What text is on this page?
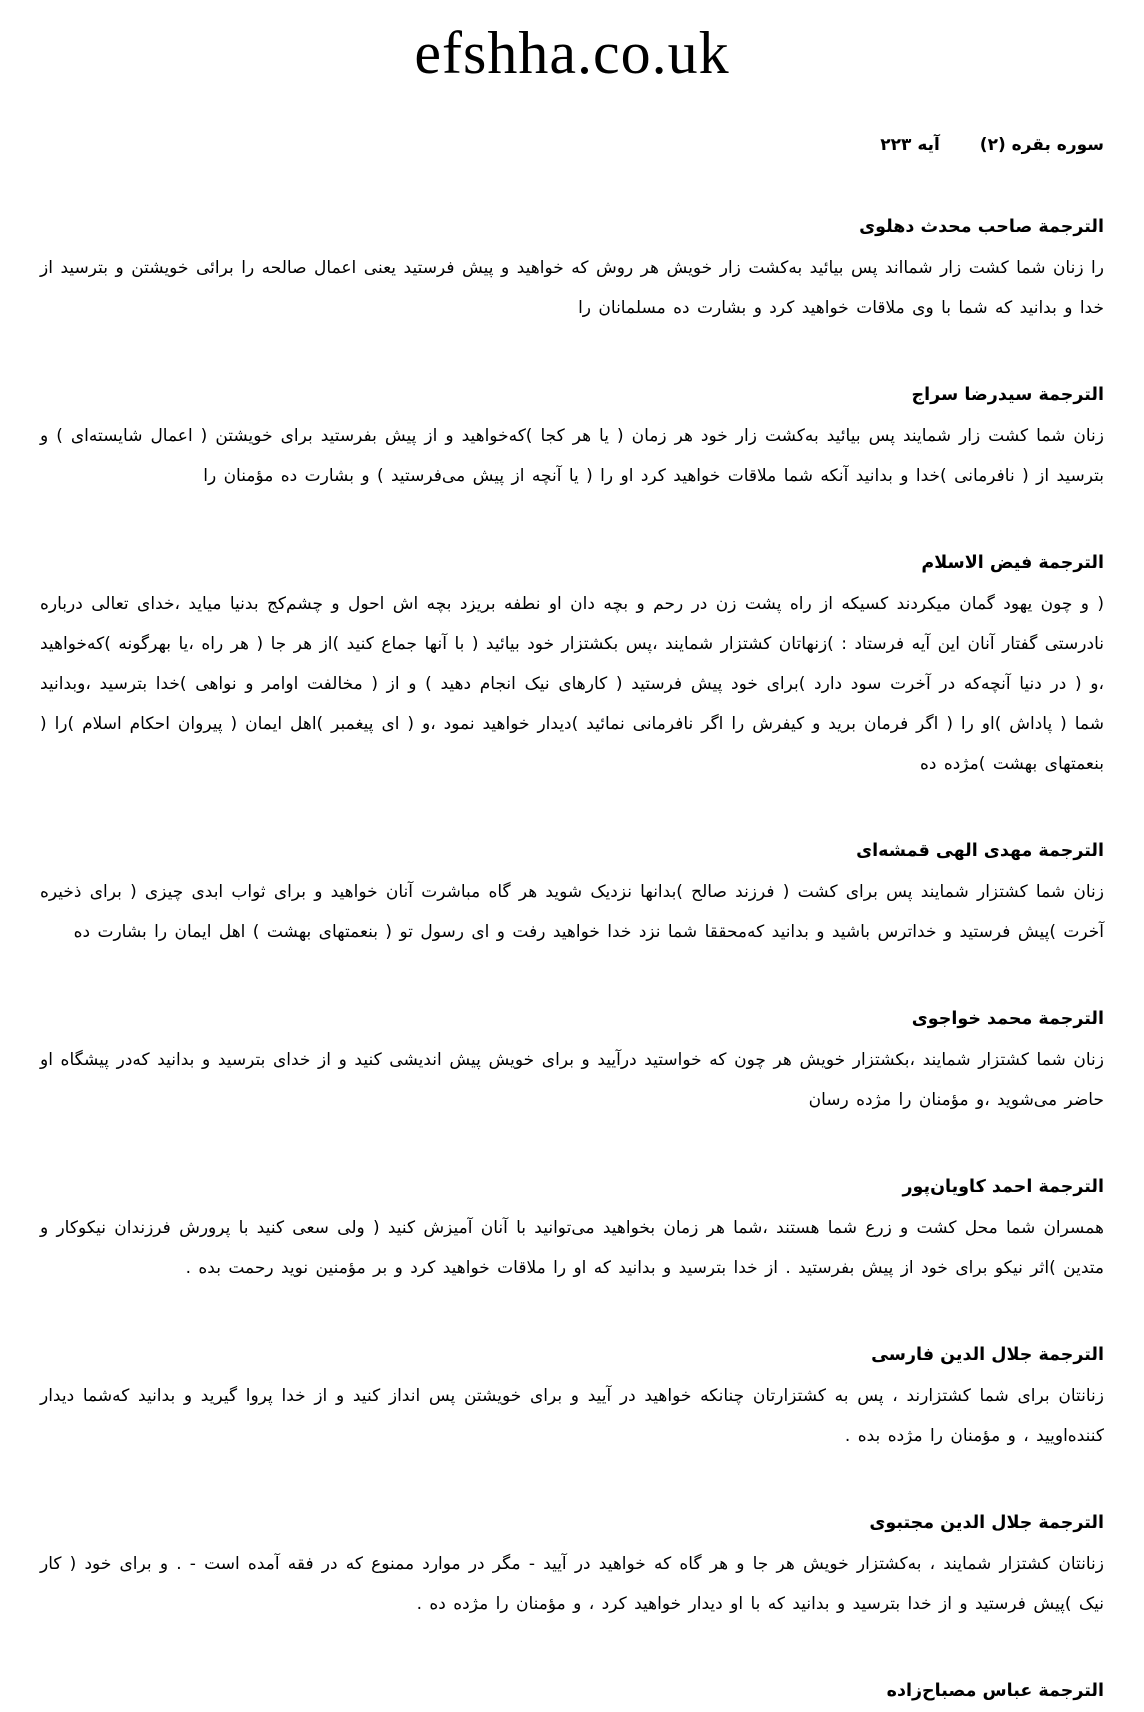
efshha.co.uk
سوره بقره (۲) آیه ۲۲۳
الترجمة صاحب محدث دهلوی
را زنان شما کشت زار شمااند پس بیائید به‌کشت زار خویش هر روش که خواهید و پیش فرستید یعنی اعمال صالحه را برائی خویشتن و بترسید از خدا و بدانید که شما با وی ملاقات خواهید کرد و بشارت ده مسلمانان را
الترجمة سیدرضا سراج
زنان شما کشت زار شمایند پس بیائید به‌کشت زار خود هر زمان ( یا هر کجا )که‌خواهید و از پیش بفرستید برای خویشتن ( اعمال شایسته‌ای ) و بترسید از ( نافرمانی )خدا و بدانید آنکه شما ملاقات خواهید کرد او را ( یا آنچه از پیش می‌فرستید ) و بشارت ده مؤمنان را
الترجمة فیض الاسلام
( و چون یهود گمان میکردند کسیکه از راه پشت زن در رحم و بچه دان او نطفه بریزد بچه اش احول و چشم‌کج بدنیا میاید ،خدای تعالی درباره نادرستی گفتار آنان این آیه فرستاد : )زنهاتان کشتزار شمایند ،پس بکشتزار خود بیائید ( با آنها جماع کنید )از هر جا ( هر راه ،یا بهرگونه )که‌خواهید ،و ( در دنیا آنچه‌که در آخرت سود دارد )برای خود پیش فرستید ( کارهای نیک انجام دهید ) و از ( مخالفت اوامر و نواهی )خدا بترسید ،وبدانید شما ( پاداش )او را ( اگر فرمان برید و کیفرش را اگر نافرمانی نمائید )دیدار خواهید نمود ،و ( ای پیغمبر )اهل ایمان ( پیروان احکام اسلام )را ( بنعمتهای بهشت )مژده ده
الترجمة مهدی الهی قمشه‌ای
زنان شما کشتزار شمایند پس برای کشت ( فرزند صالح )بدانها نزدیک شوید هر گاه مباشرت آنان خواهید و برای ثواب ابدی چیزی ( برای ذخیره آخرت )پیش فرستید و خداترس باشید و بدانید که‌محققا شما نزد خدا خواهید رفت و ای رسول تو ( بنعمتهای بهشت ) اهل ایمان را بشارت ده
الترجمة محمد خواجوی
زنان شما کشتزار شمایند ،بکشتزار خویش هر چون که خواستید درآیید و برای خویش پیش اندیشی کنید و از خدای بترسید و بدانید که‌در پیشگاه او حاضر می‌شوید ،و مؤمنان را مژده رسان
الترجمة احمد کاویان‌پور
همسران شما محل کشت و زرع شما هستند ،شما هر زمان بخواهید می‌توانید با آنان آمیزش کنید ( ولی سعی کنید با پرورش فرزندان نیکوکار و متدین )اثر نیکو برای خود از پیش بفرستید . از خدا بترسید و بدانید که او را ملاقات خواهید کرد و بر مؤمنین نوید رحمت بده .
الترجمة جلال الدین فارسی
زنانتان برای شما کشتزارند ، پس به کشتزارتان چنانکه خواهید در آیید و برای خویشتن پس انداز کنید و از خدا پروا گیرید و بدانید که‌شما دیدار کننده‌اویید ، و مؤمنان را مژده بده .
الترجمة جلال الدین مجتبوی
زنانتان کشتزار شمایند ، به‌کشتزار خویش هر جا و هر گاه که خواهید در آیید - مگر در موارد ممنوع که در فقه آمده است - . و برای خود ( کار نیک )پیش فرستید و از خدا بترسید و بدانید که با او دیدار خواهید کرد ، و مؤمنان را مژده ده .
الترجمة عباس مصباح‌زاده
